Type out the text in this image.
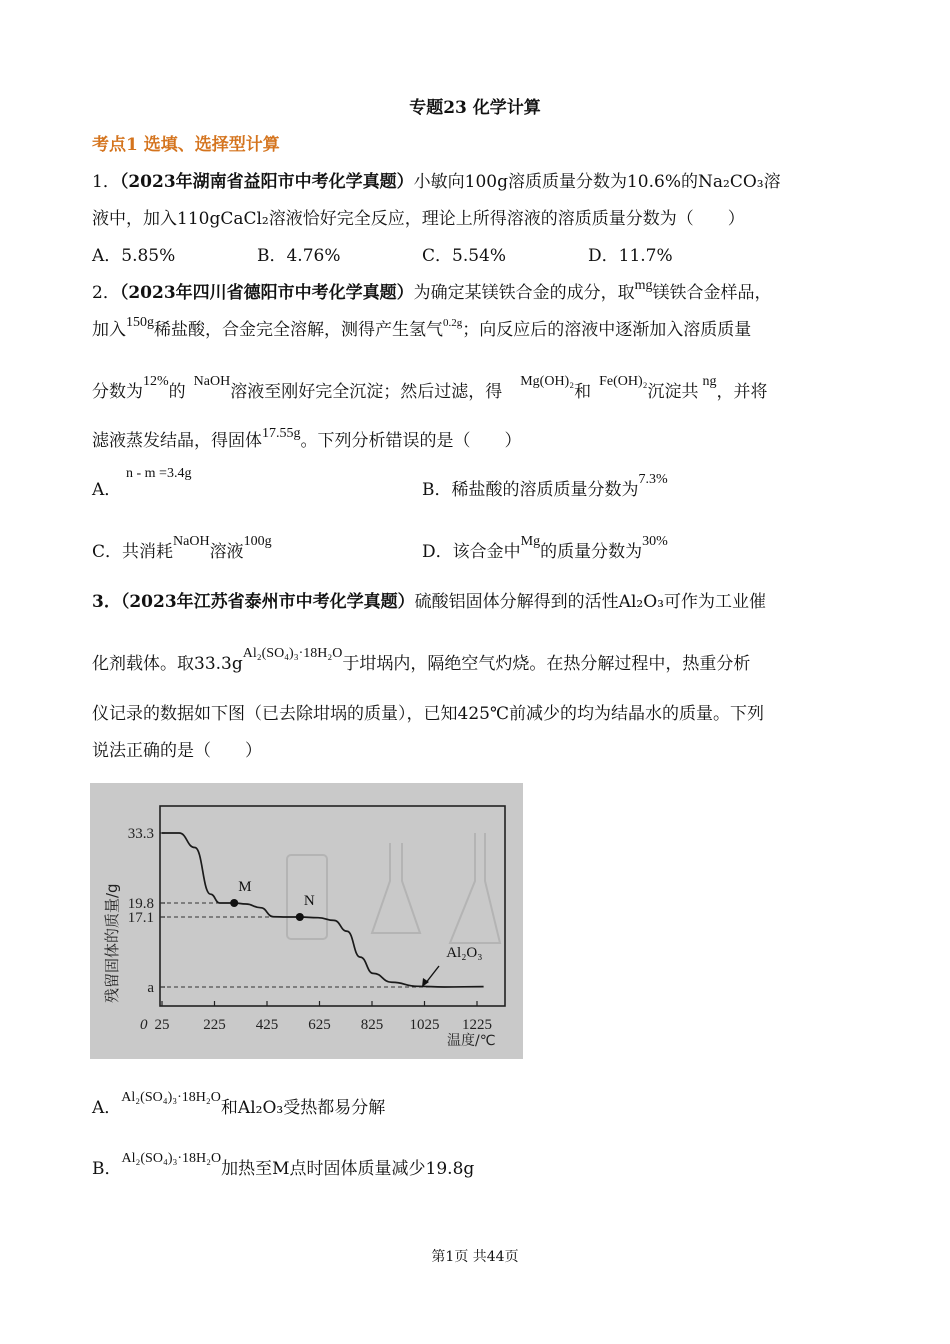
专题23 化学计算
考点1 选填、选择型计算
1．（2023年湖南省益阳市中考化学真题）小敏向100g溶质质量分数为10.6%的Na₂CO₃溶
液中，加入110gCaCl₂溶液恰好完全反应，理论上所得溶液的溶质质量分数为（　　）
A．5.85%	B．4.76%	C．5.54%	D．11.7%
2．（2023年四川省德阳市中考化学真题）为确定某镁铁合金的成分，取$^{mg}$镁铁合金样品，
加入$^{150g}$稀盐酸，合金完全溶解，测得产生氢气$^{0.2g}$；向反应后的溶液中逐渐加入溶质质量
分数为$^{12\%}$的$^{NaOH}$溶液至刚好完全沉淀；然后过滤，得$^{Mg(OH)_2}$和$^{Fe(OH)_2}$沉淀共$^{ng}$，并将
滤液蒸发结晶，得固体$^{17.55g}$。下列分析错误的是（　　）
A．
n - m =3.4g
B．稀盐酸的溶质质量分数为$^{7.3\%}$
C．共消耗$^{NaOH}$溶液$^{100g}$
D．该合金中$^{Mg}$的质量分数为$^{30\%}$
3．（2023年江苏省泰州市中考化学真题）硫酸铝固体分解得到的活性Al₂O₃可作为工业催
化剂载体。取$33.3g^{Al_2(SO_4)_3\cdot 18H_2O}$于坩埚内，隔绝空气灼烧。在热分解过程中，热重分析
仪记录的数据如下图（已去除坩埚的质量），已知425℃前减少的均为结晶水的质量。下列
说法正确的是（　　）
残留固体的质量/g
温度/℃
0 25 225 425 625 825 1025 1225
33.3
19.8
17.1
a
M
N
Al₂O₃
A．$^{Al_2(SO_4)_3\cdot 18H_2O}$和Al₂O₃受热都易分解
B．$^{Al_2(SO_4)_3\cdot 18H_2O}$加热至M点时固体质量减少19.8g
第1页 共44页
